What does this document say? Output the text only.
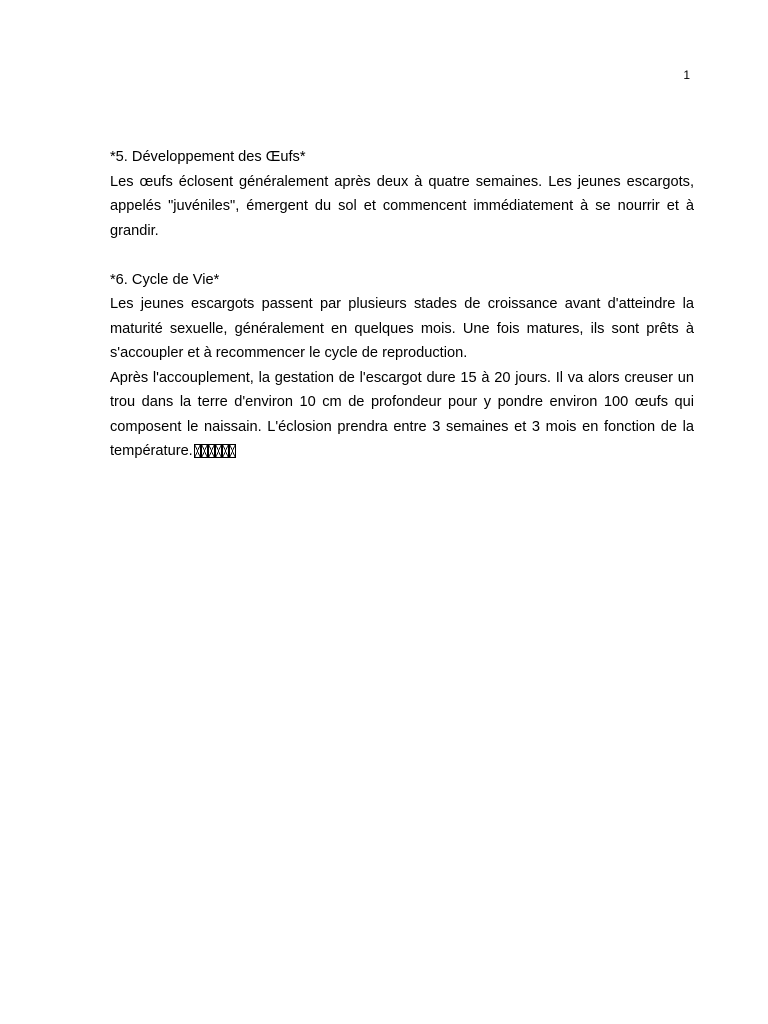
1

*5. Développement des Œufs*

Les œufs éclosent généralement après deux à quatre semaines. Les jeunes escargots, appelés "juvéniles", émergent du sol et commencent immédiatement à se nourrir et à grandir.

*6. Cycle de Vie*

Les jeunes escargots passent par plusieurs stades de croissance avant d'atteindre la maturité sexuelle, généralement en quelques mois. Une fois matures, ils sont prêts à s'accoupler et à recommencer le cycle de reproduction.

Après l'accouplement, la gestation de l'escargot dure 15 à 20 jours. Il va alors creuser un trou dans la terre d'environ 10 cm de profondeur pour y pondre environ 100 œufs qui composent le naissain. L'éclosion prendra entre 3 semaines et 3 mois en fonction de la température.
